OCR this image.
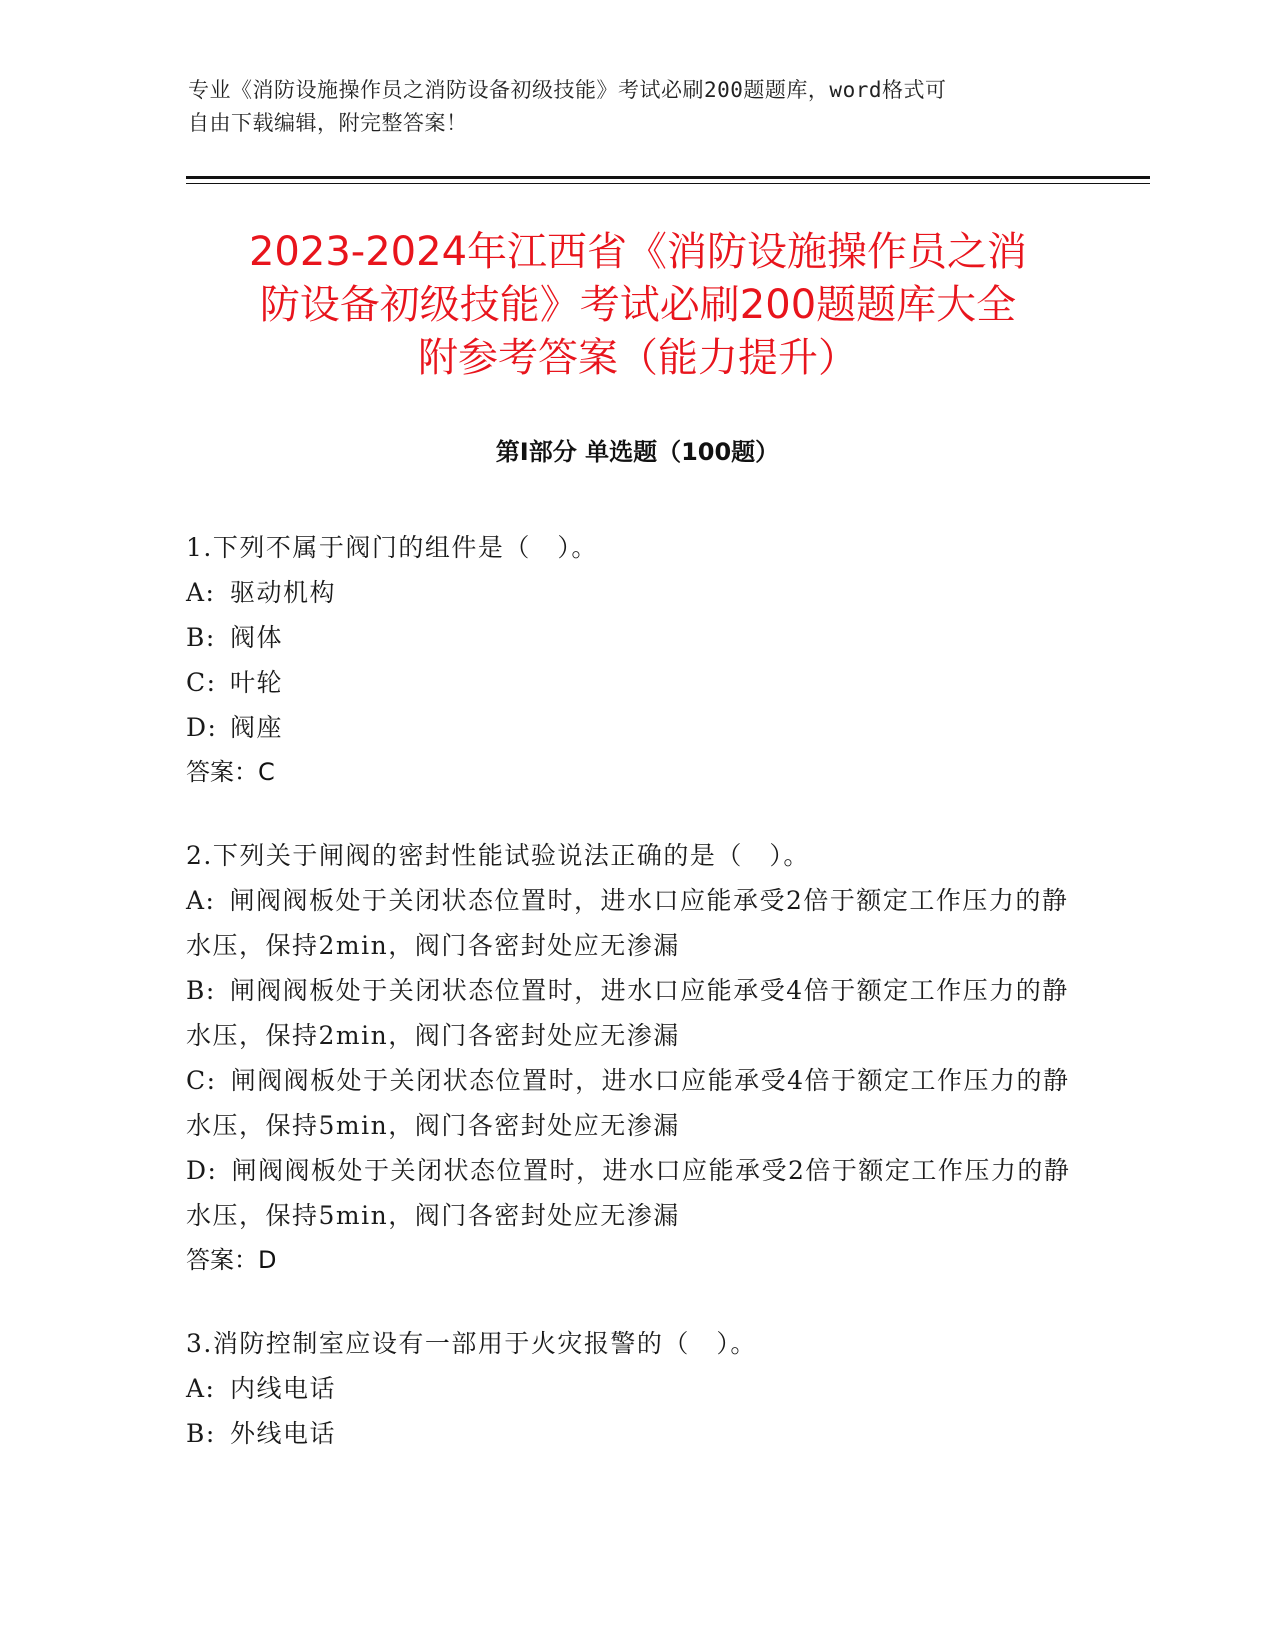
专业《消防设施操作员之消防设备初级技能》考试必刷200题题库，word格式可
自由下载编辑，附完整答案！
2023-2024年江西省《消防设施操作员之消
防设备初级技能》考试必刷200题题库大全
附参考答案（能力提升）
第Ⅰ部分 单选题（100题）
1.下列不属于阀门的组件是（　）。
A: 驱动机构
B: 阀体
C: 叶轮
D: 阀座
答案：C
2.下列关于闸阀的密封性能试验说法正确的是（　）。
A:  闸阀阀板处于关闭状态位置时，进水口应能承受2倍于额定工作压力的静水压，保持2min，阀门各密封处应无渗漏
B:  闸阀阀板处于关闭状态位置时，进水口应能承受4倍于额定工作压力的静水压，保持2min，阀门各密封处应无渗漏
C:  闸阀阀板处于关闭状态位置时，进水口应能承受4倍于额定工作压力的静水压，保持5min，阀门各密封处应无渗漏
D:  闸阀阀板处于关闭状态位置时，进水口应能承受2倍于额定工作压力的静水压，保持5min，阀门各密封处应无渗漏
答案：D
3.消防控制室应设有一部用于火灾报警的（　）。
A: 内线电话
B: 外线电话
